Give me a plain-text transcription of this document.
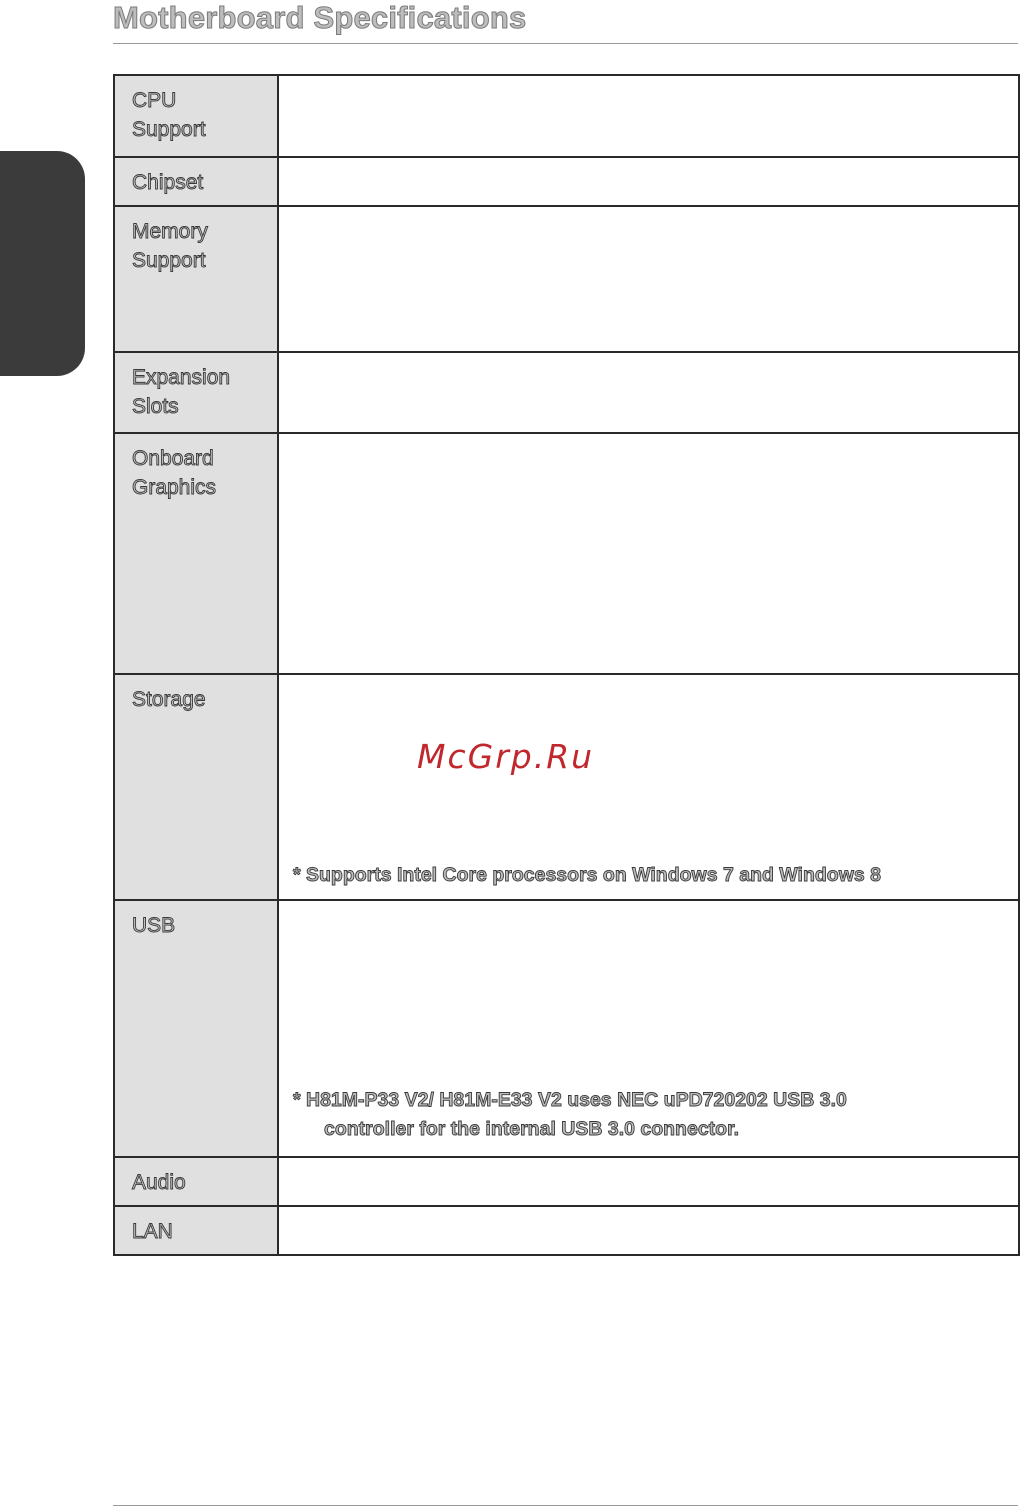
Motherboard Specifications
CPU
Support
Chipset
Memory
Support
Expansion
Slots
Onboard
Graphics
Storage
McGrp.Ru
* Supports Intel Core processors on Windows 7 and Windows 8
USB
* H81M-P33 V2/ H81M-E33 V2 uses NEC uPD720202 USB 3.0
controller for the internal USB 3.0 connector.
Audio
LAN
